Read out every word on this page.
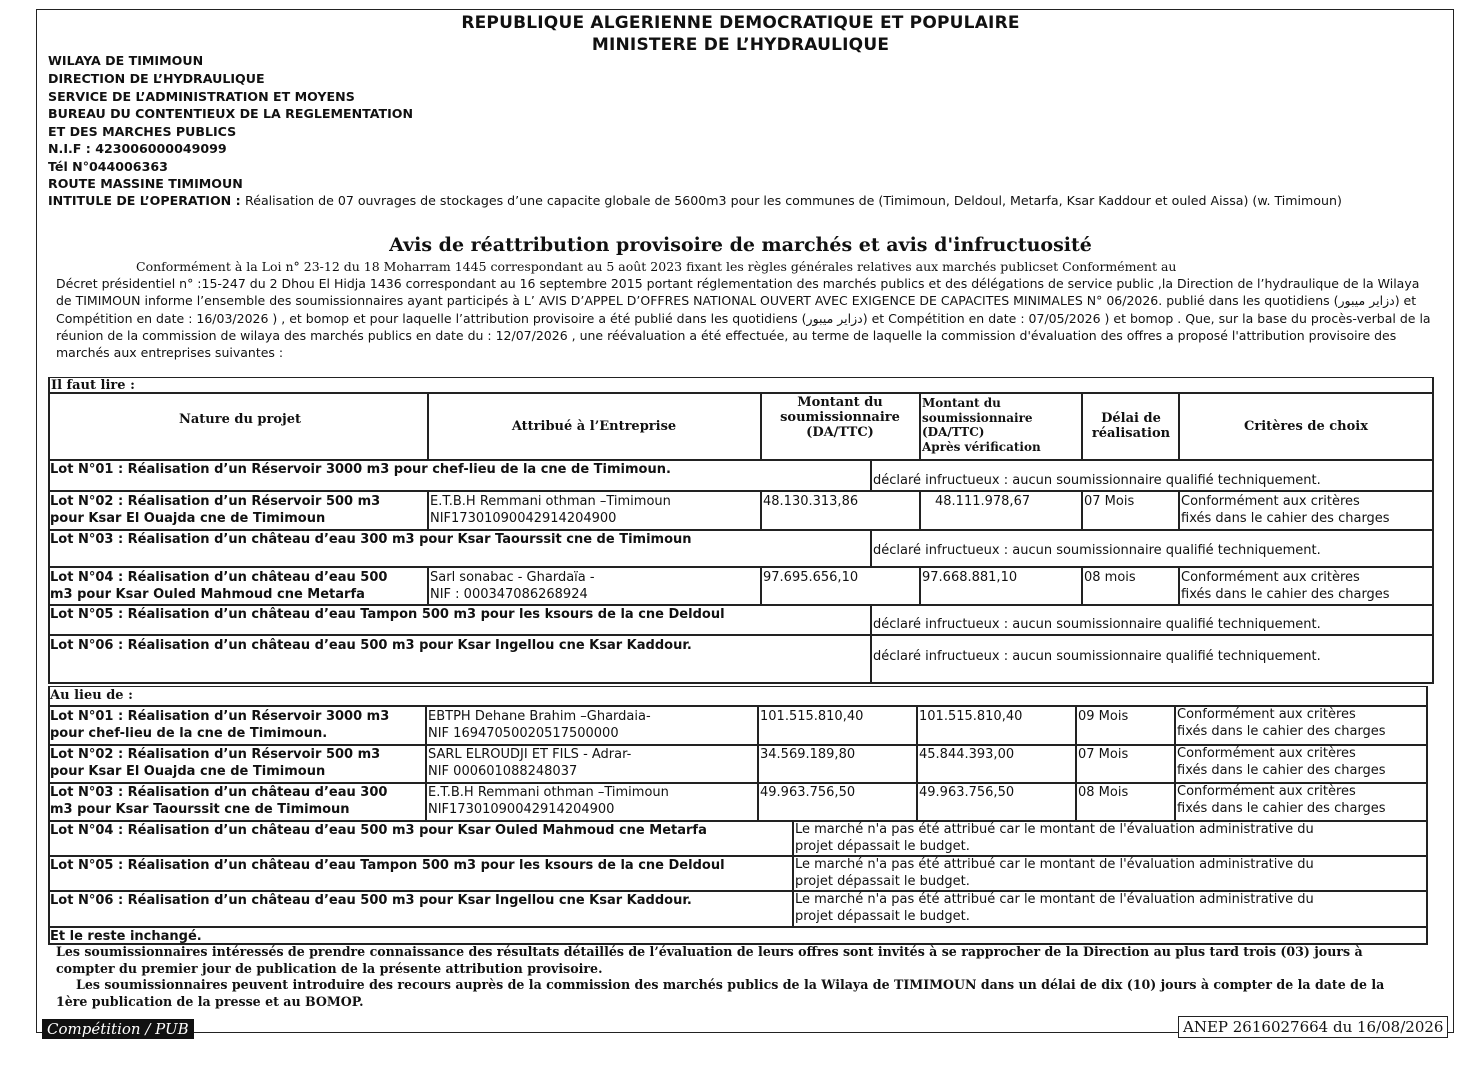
REPUBLIQUE ALGERIENNE DEMOCRATIQUE ET POPULAIRE
MINISTERE DE L’HYDRAULIQUE
WILAYA DE TIMIMOUN
DIRECTION DE L’HYDRAULIQUE
SERVICE DE L’ADMINISTRATION ET MOYENS
BUREAU DU CONTENTIEUX DE LA REGLEMENTATION
ET DES MARCHES PUBLICS
N.I.F : 423006000049099
Tél N°044006363
ROUTE MASSINE TIMIMOUN
INTITULE DE L’OPERATION : Réalisation de 07 ouvrages de stockages d’une capacite globale de 5600m3 pour les communes de (Timimoun, Deldoul, Metarfa, Ksar Kaddour et ouled Aissa) (w. Timimoun)
Avis de réattribution provisoire de marchés et avis d'infructuosité
Conformément à la Loi n° 23-12 du 18 Moharram 1445 correspondant au 5 août 2023 fixant les règles générales relatives aux marchés publicset Conformément au
Décret présidentiel n° :15-247 du 2 Dhou El Hidja 1436 correspondant au 16 septembre 2015 portant réglementation des marchés publics et des délégations de service public ,la Direction de l’hydraulique de la Wilaya de TIMIMOUN informe l’ensemble des soumissionnaires ayant participés à L’ AVIS D’APPEL D’OFFRES NATIONAL OUVERT AVEC EXIGENCE DE CAPACITES MINIMALES N° 06/2026. publié dans les quotidiens (دزاير ميبور) et Compétition en date : 16/03/2026 ) , et bomop et pour laquelle l’attribution provisoire a été publié dans les quotidiens (دزاير ميبور) et Compétition en date : 07/05/2026 ) et bomop . Que, sur la base du procès-verbal de la réunion de la commission de wilaya des marchés publics en date du : 12/07/2026 , une réévaluation a été effectuée, au terme de laquelle la commission d'évaluation des offres a proposé l'attribution provisoire des marchés aux entreprises suivantes :
Il faut lire :
Nature du projet	Attribué à l’Entreprise
Montant du
soumissionnaire
(DA/TTC)
Montant du
soumissionnaire
(DA/TTC)
Après vérification
Délai de
réalisation	Critères de choix
Lot N°01 : Réalisation d’un Réservoir 3000 m3 pour chef-lieu de la cne de Timimoun.
déclaré infructueux : aucun soumissionnaire qualifié techniquement.
Lot N°02 : Réalisation d’un Réservoir 500 m3
pour Ksar El Ouajda cne de Timimoun
E.T.B.H Remmani othman –Timimoun
NIF17301090042914204900
48.130.313,86	48.111.978,67	07 Mois	Conformément aux critères
fixés dans le cahier des charges
Lot N°03 : Réalisation d’un château d’eau 300 m3 pour Ksar Taourssit cne de Timimoun
déclaré infructueux : aucun soumissionnaire qualifié techniquement.
Lot N°04 : Réalisation d’un château d’eau 500
m3 pour Ksar Ouled Mahmoud cne Metarfa
Sarl sonabac - Ghardaïa -
NIF : 000347086268924
97.695.656,10	97.668.881,10	08 mois	Conformément aux critères
fixés dans le cahier des charges
Lot N°05 : Réalisation d’un château d’eau Tampon 500 m3 pour les ksours de la cne Deldoul
déclaré infructueux : aucun soumissionnaire qualifié techniquement.
Lot N°06 : Réalisation d’un château d’eau 500 m3 pour Ksar Ingellou cne Ksar Kaddour.
déclaré infructueux : aucun soumissionnaire qualifié techniquement.
Au lieu de :
Lot N°01 : Réalisation d’un Réservoir 3000 m3
pour chef-lieu de la cne de Timimoun.
EBTPH Dehane Brahim –Ghardaia-
NIF 16947050020517500000
101.515.810,40	101.515.810,40	09 Mois	Conformément aux critères
fixés dans le cahier des charges
Lot N°02 : Réalisation d’un Réservoir 500 m3
pour Ksar El Ouajda cne de Timimoun
SARL ELROUDJI ET FILS - Adrar-
NIF 000601088248037
34.569.189,80	45.844.393,00	07 Mois	Conformément aux critères
fixés dans le cahier des charges
Lot N°03 : Réalisation d’un château d’eau 300
m3 pour Ksar Taourssit cne de Timimoun
E.T.B.H Remmani othman –Timimoun
NIF17301090042914204900
49.963.756,50	49.963.756,50	08 Mois	Conformément aux critères
fixés dans le cahier des charges
Lot N°04 : Réalisation d’un château d’eau 500 m3 pour Ksar Ouled Mahmoud cne Metarfa	Le marché n'a pas été attribué car le montant de l'évaluation administrative du
projet dépassait le budget.
Lot N°05 : Réalisation d’un château d’eau Tampon 500 m3 pour les ksours de la cne Deldoul	Le marché n'a pas été attribué car le montant de l'évaluation administrative du
projet dépassait le budget.
Lot N°06 : Réalisation d’un château d’eau 500 m3 pour Ksar Ingellou cne Ksar Kaddour.	Le marché n'a pas été attribué car le montant de l'évaluation administrative du
projet dépassait le budget.
Et le reste inchangé.
Les soumissionnaires intéressés de prendre connaissance des résultats détaillés de l’évaluation de leurs offres sont invités à se rapprocher de la Direction au plus tard trois (03) jours à compter du premier jour de publication de la présente attribution provisoire.
Les soumissionnaires peuvent introduire des recours auprès de la commission des marchés publics de la Wilaya de TIMIMOUN dans un délai de dix (10) jours à compter de la date de la 1ère publication de la presse et au BOMOP.
Compétition / PUB	ANEP 2616027664 du 16/08/2026
